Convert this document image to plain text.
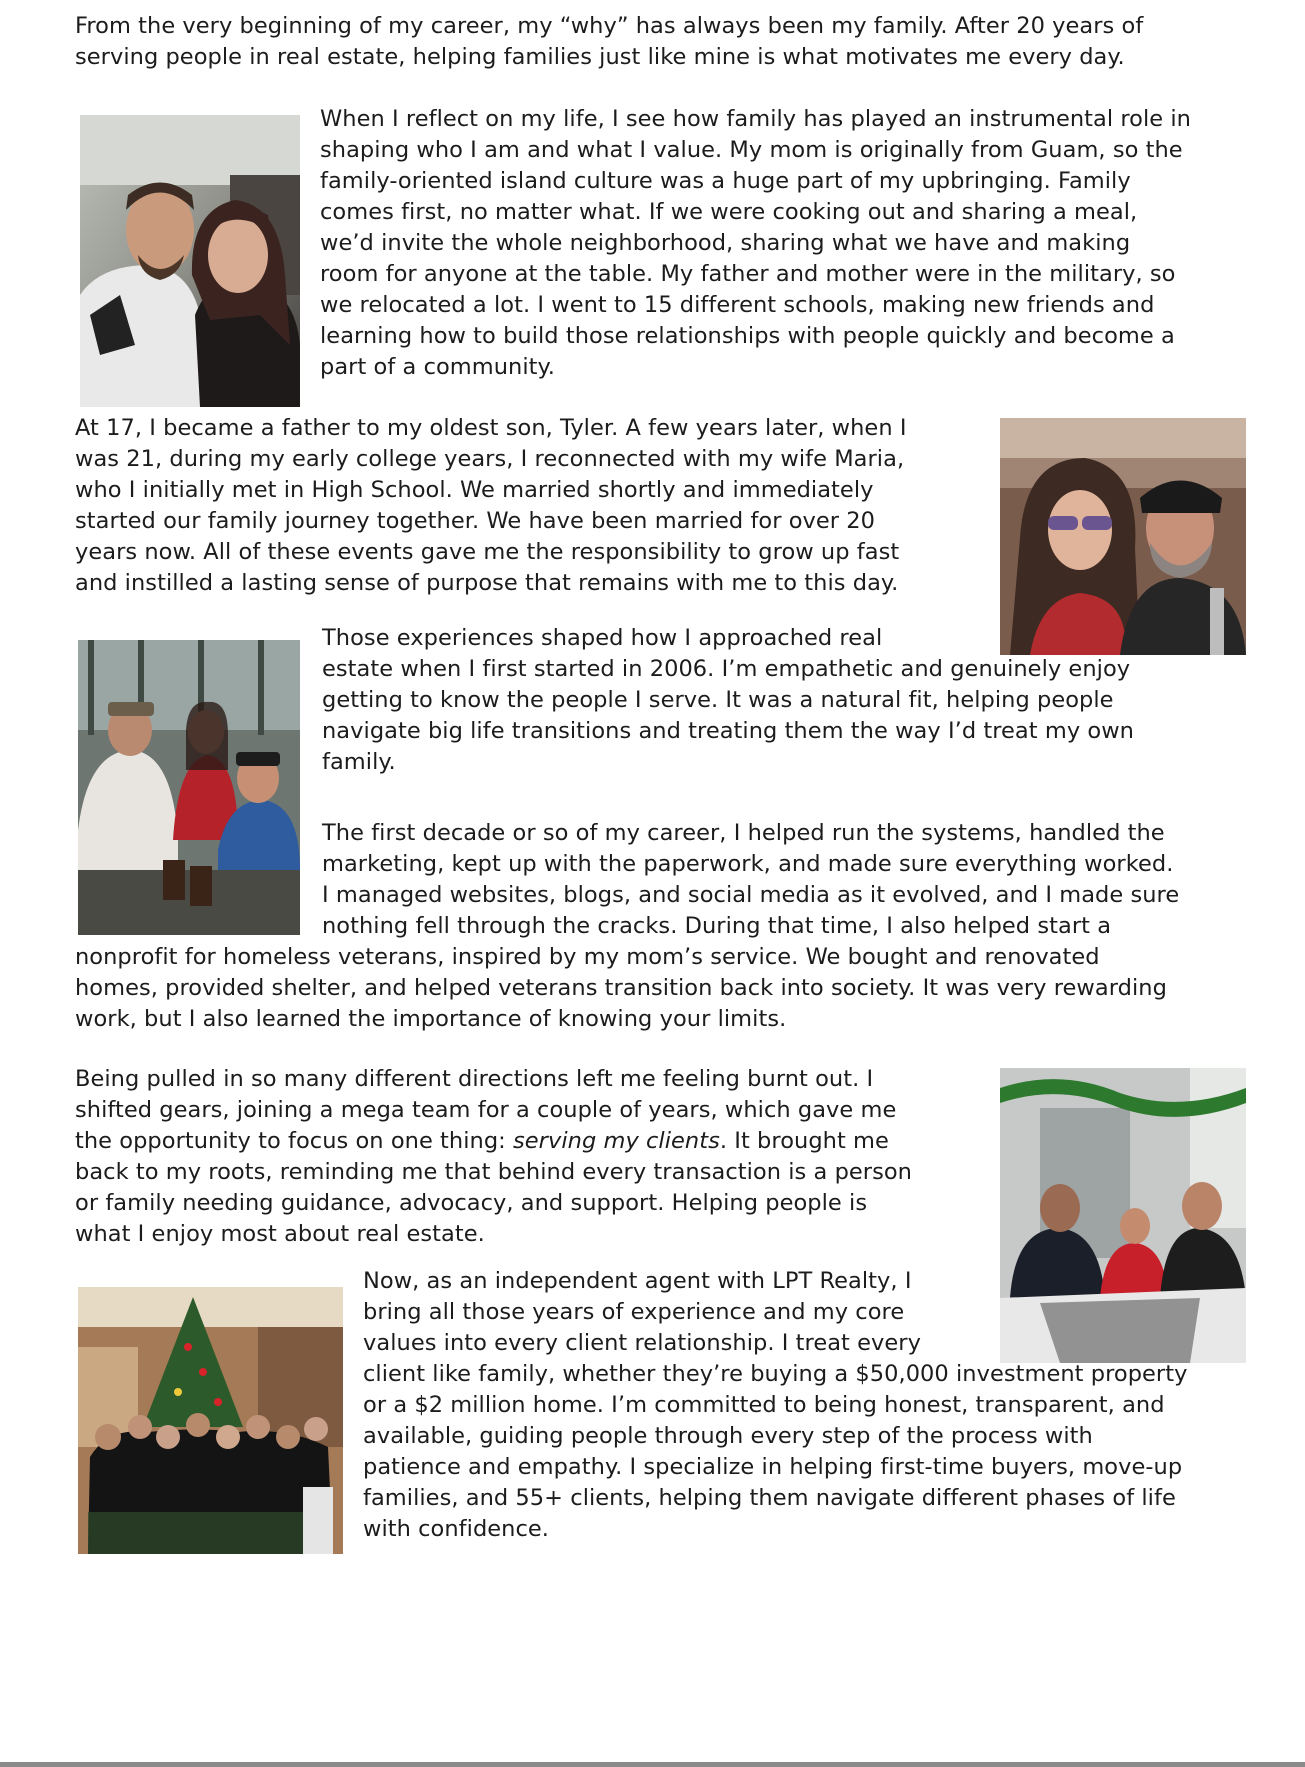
From the very beginning of my career, my “why” has always been my family. After 20 years of
serving people in real estate, helping families just like mine is what motivates me every day.

When I reflect on my life, I see how family has played an instrumental role in
shaping who I am and what I value. My mom is originally from Guam, so the
family-oriented island culture was a huge part of my upbringing. Family
comes first, no matter what. If we were cooking out and sharing a meal,
we’d invite the whole neighborhood, sharing what we have and making
room for anyone at the table. My father and mother were in the military, so
we relocated a lot. I went to 15 different schools, making new friends and
learning how to build those relationships with people quickly and become a
part of a community.

At 17, I became a father to my oldest son, Tyler. A few years later, when I
was 21, during my early college years, I reconnected with my wife Maria,
who I initially met in High School. We married shortly and immediately
started our family journey together. We have been married for over 20
years now. All of these events gave me the responsibility to grow up fast
and instilled a lasting sense of purpose that remains with me to this day.

Those experiences shaped how I approached real
estate when I first started in 2006. I’m empathetic and genuinely enjoy
getting to know the people I serve. It was a natural fit, helping people
navigate big life transitions and treating them the way I’d treat my own
family.

The first decade or so of my career, I helped run the systems, handled the
marketing, kept up with the paperwork, and made sure everything worked.
I managed websites, blogs, and social media as it evolved, and I made sure
nothing fell through the cracks. During that time, I also helped start a

nonprofit for homeless veterans, inspired by my mom’s service. We bought and renovated
homes, provided shelter, and helped veterans transition back into society. It was very rewarding
work, but I also learned the importance of knowing your limits.

Being pulled in so many different directions left me feeling burnt out. I
shifted gears, joining a mega team for a couple of years, which gave me
the opportunity to focus on one thing: serving my clients. It brought me
back to my roots, reminding me that behind every transaction is a person
or family needing guidance, advocacy, and support. Helping people is
what I enjoy most about real estate.

Now, as an independent agent with LPT Realty, I
bring all those years of experience and my core
values into every client relationship. I treat every
client like family, whether they’re buying a $50,000 investment property
or a $2 million home. I’m committed to being honest, transparent, and
available, guiding people through every step of the process with
patience and empathy. I specialize in helping first-time buyers, move-up
families, and 55+ clients, helping them navigate different phases of life
with confidence.
